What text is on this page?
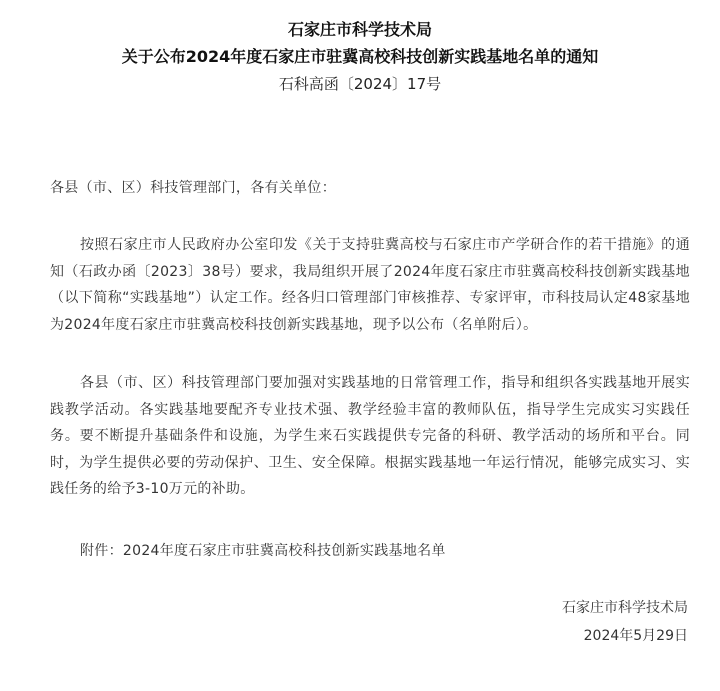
石家庄市科学技术局
关于公布2024年度石家庄市驻冀高校科技创新实践基地名单的通知
石科高函〔2024〕17号
各县（市、区）科技管理部门，各有关单位：
按照石家庄市人民政府办公室印发《关于支持驻冀高校与石家庄市产学研合作的若干措施》的通知（石政办函〔2023〕38号）要求，我局组织开展了2024年度石家庄市驻冀高校科技创新实践基地（以下简称“实践基地”）认定工作。经各归口管理部门审核推荐、专家评审，市科技局认定48家基地为2024年度石家庄市驻冀高校科技创新实践基地，现予以公布（名单附后）。
各县（市、区）科技管理部门要加强对实践基地的日常管理工作，指导和组织各实践基地开展实践教学活动。各实践基地要配齐专业技术强、教学经验丰富的教师队伍，指导学生完成实习实践任务。要不断提升基础条件和设施，为学生来石实践提供专完备的科研、教学活动的场所和平台。同时，为学生提供必要的劳动保护、卫生、安全保障。根据实践基地一年运行情况，能够完成实习、实践任务的给予3-10万元的补助。
附件：2024年度石家庄市驻冀高校科技创新实践基地名单
石家庄市科学技术局
2024年5月29日
